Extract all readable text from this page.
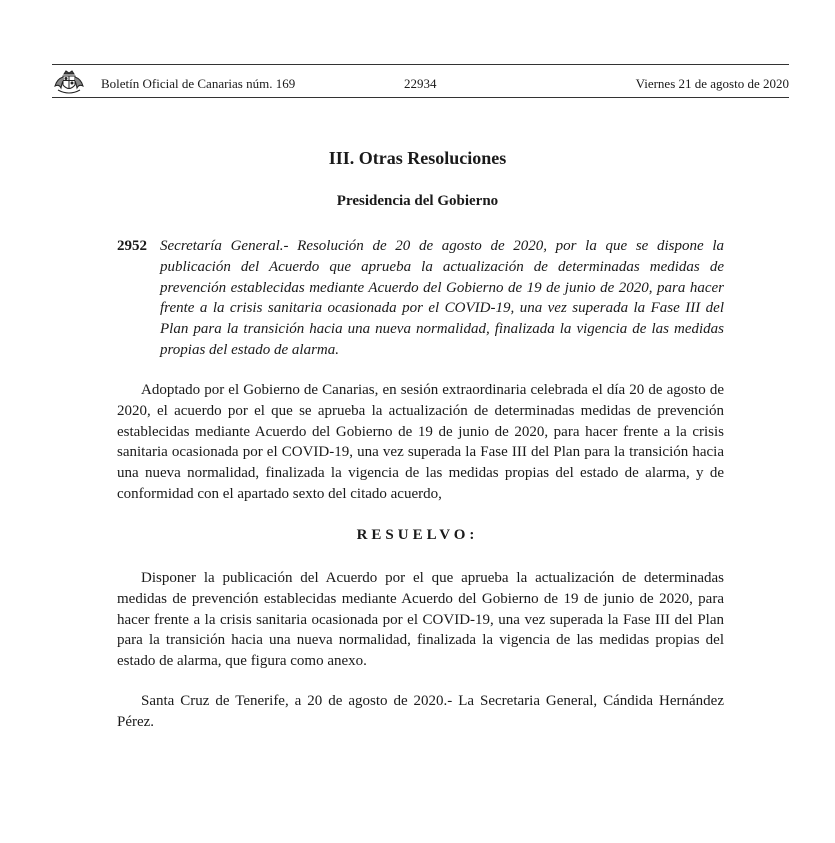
Boletín Oficial de Canarias núm. 169	22934	Viernes 21 de agosto de 2020
III. Otras Resoluciones
Presidencia del Gobierno
2952 Secretaría General.- Resolución de 20 de agosto de 2020, por la que se dispone la publicación del Acuerdo que aprueba la actualización de determinadas medidas de prevención establecidas mediante Acuerdo del Gobierno de 19 de junio de 2020, para hacer frente a la crisis sanitaria ocasionada por el COVID-19, una vez superada la Fase III del Plan para la transición hacia una nueva normalidad, finalizada la vigencia de las medidas propias del estado de alarma.
Adoptado por el Gobierno de Canarias, en sesión extraordinaria celebrada el día 20 de agosto de 2020, el acuerdo por el que se aprueba la actualización de determinadas medidas de prevención establecidas mediante Acuerdo del Gobierno de 19 de junio de 2020, para hacer frente a la crisis sanitaria ocasionada por el COVID-19, una vez superada la Fase III del Plan para la transición hacia una nueva normalidad, finalizada la vigencia de las medidas propias del estado de alarma, y de conformidad con el apartado sexto del citado acuerdo,
RESUELVO:
Disponer la publicación del Acuerdo por el que aprueba la actualización de determinadas medidas de prevención establecidas mediante Acuerdo del Gobierno de 19 de junio de 2020, para hacer frente a la crisis sanitaria ocasionada por el COVID-19, una vez superada la Fase III del Plan para la transición hacia una nueva normalidad, finalizada la vigencia de las medidas propias del estado de alarma, que figura como anexo.
Santa Cruz de Tenerife, a 20 de agosto de 2020.- La Secretaria General, Cándida Hernández Pérez.
